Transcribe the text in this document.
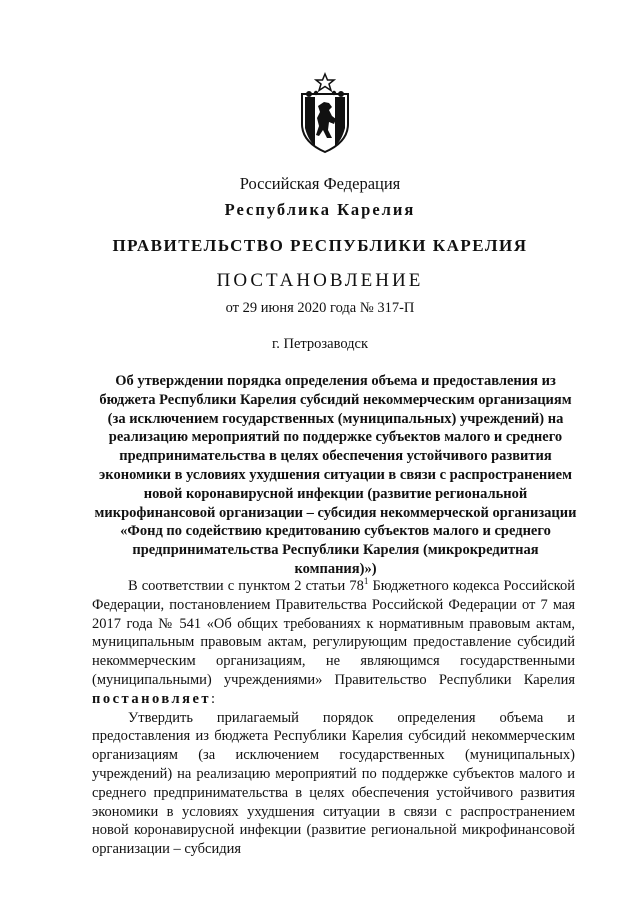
Российская Федерация
Республика Карелия
ПРАВИТЕЛЬСТВО РЕСПУБЛИКИ КАРЕЛИЯ
ПОСТАНОВЛЕНИЕ
от 29 июня 2020 года № 317-П
г. Петрозаводск
Об утверждении порядка определения объема и предоставления из бюджета Республики Карелия субсидий некоммерческим организациям (за исключением государственных (муниципальных) учреждений) на реализацию мероприятий по поддержке субъектов малого и среднего предпринимательства в целях обеспечения устойчивого развития экономики в условиях ухудшения ситуации в связи с распространением новой коронавирусной инфекции (развитие региональной микрофинансовой организации – субсидия некоммерческой организации «Фонд по содействию кредитованию субъектов малого и среднего предпринимательства Республики Карелия (микрокредитная компания)»)

В соответствии с пунктом 2 статьи $78^1$ Бюджетного кодекса Российской Федерации, постановлением Правительства Российской Федерации от 7 мая 2017 года № 541 «Об общих требованиях к нормативным правовым актам, муниципальным правовым актам, регулирующим предоставление субсидий некоммерческим организациям, не являющимся государственными (муниципальными) учреждениями» Правительство Республики Карелия постановляет:

Утвердить прилагаемый порядок определения объема и предоставления из бюджета Республики Карелия субсидий некоммерческим организациям (за исключением государственных (муниципальных) учреждений) на реализацию мероприятий по поддержке субъектов малого и среднего предпринимательства в целях обеспечения устойчивого развития экономики в условиях ухудшения ситуации в связи с распространением новой коронавирусной инфекции (развитие региональной микрофинансовой организации – субсидия
